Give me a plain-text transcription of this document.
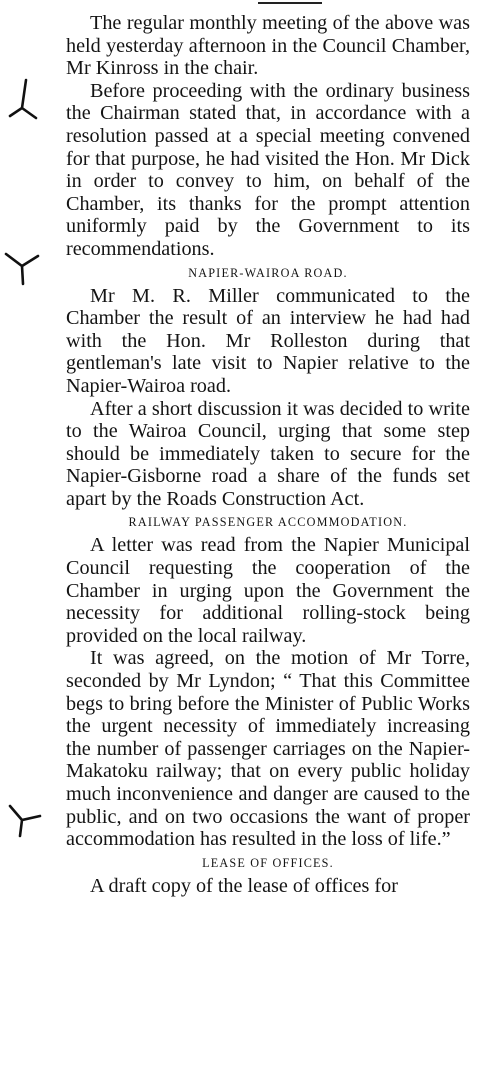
The regular monthly meeting of the above was held yesterday afternoon in the Council Chamber, Mr Kinross in the chair.

Before proceeding with the ordinary business the Chairman stated that, in accordance with a resolution passed at a special meeting convened for that purpose, he had visited the Hon. Mr Dick in order to convey to him, on behalf of the Chamber, its thanks for the prompt attention uniformly paid by the Government to its recommendations.

NAPIER-WAIROA ROAD.

Mr M. R. Miller communicated to the Chamber the result of an interview he had had with the Hon. Mr Rolleston during that gentleman's late visit to Napier relative to the Napier-Wairoa road.

After a short discussion it was decided to write to the Wairoa Council, urging that some step should be immediately taken to secure for the Napier-Gisborne road a share of the funds set apart by the Roads Construction Act.

RAILWAY PASSENGER ACCOMMODATION.

A letter was read from the Napier Municipal Council requesting the cooperation of the Chamber in urging upon the Government the necessity for additional rolling-stock being provided on the local railway.

It was agreed, on the motion of Mr Torre, seconded by Mr Lyndon; “ That this Committee begs to bring before the Minister of Public Works the urgent necessity of immediately increasing the number of passenger carriages on the Napier-Makatoku railway; that on every public holiday much inconvenience and danger are caused to the public, and on two occasions the want of proper accommodation has resulted in the loss of life.”

LEASE OF OFFICES.

A draft copy of the lease of offices for
